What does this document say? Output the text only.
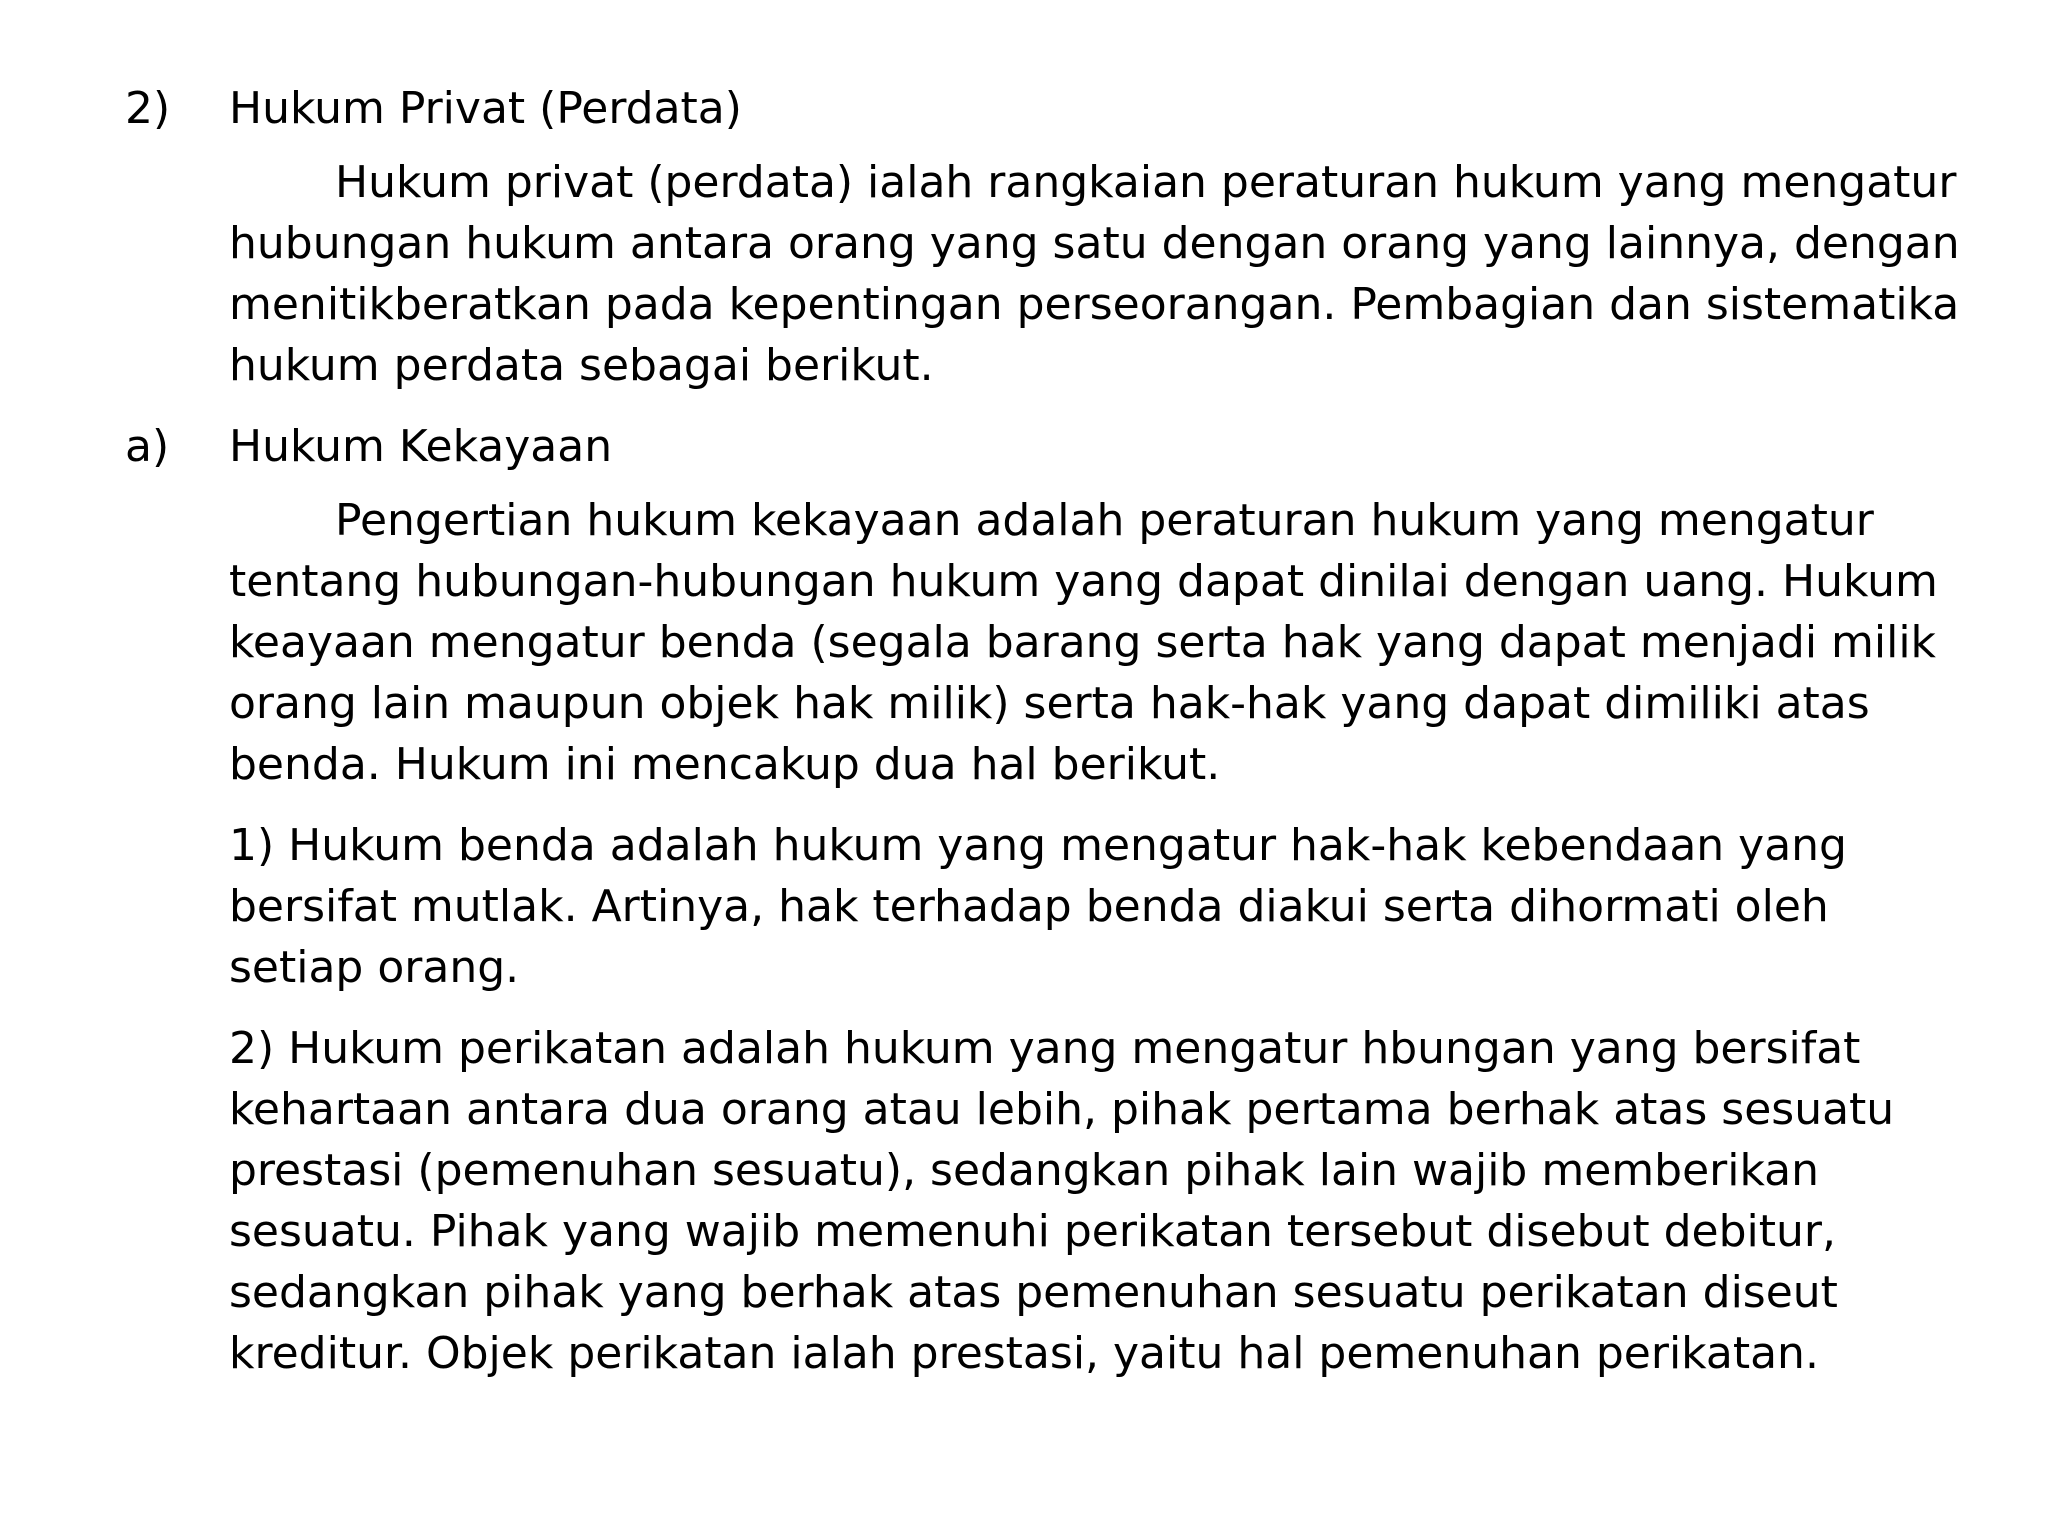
2)	Hukum Privat (Perdata)
Hukum privat (perdata) ialah rangkaian peraturan hukum yang mengatur hubungan hukum antara orang yang satu dengan orang yang lainnya, dengan menitikberatkan pada kepentingan perseorangan. Pembagian dan sistematika hukum perdata sebagai berikut.
a)	Hukum Kekayaan
Pengertian hukum kekayaan adalah peraturan hukum yang mengatur tentang hubungan-hubungan hukum yang dapat dinilai dengan uang. Hukum keayaan mengatur benda (segala barang serta hak yang dapat menjadi milik orang lain maupun objek hak milik) serta hak-hak yang dapat dimiliki atas benda. Hukum ini mencakup dua hal berikut.
1) Hukum benda adalah hukum yang mengatur hak-hak kebendaan yang bersifat mutlak. Artinya, hak terhadap benda diakui serta dihormati oleh setiap orang.
2) Hukum perikatan adalah hukum yang mengatur hbungan yang bersifat kehartaan antara dua orang atau lebih, pihak pertama berhak atas sesuatu prestasi (pemenuhan sesuatu), sedangkan pihak lain wajib memberikan sesuatu. Pihak yang wajib memenuhi perikatan tersebut disebut debitur, sedangkan pihak yang berhak atas pemenuhan sesuatu perikatan diseut kreditur. Objek perikatan ialah prestasi, yaitu hal pemenuhan perikatan.
